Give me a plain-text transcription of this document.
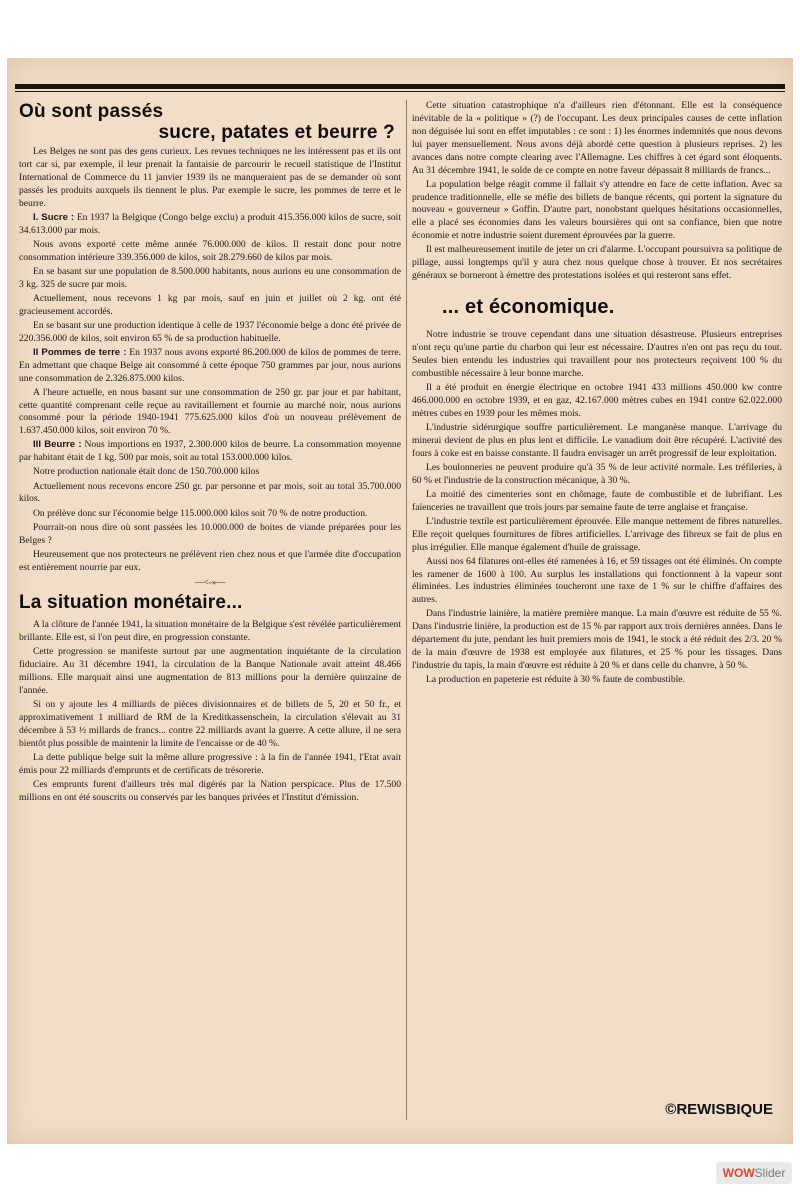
Où sont passés
sucre, patates et beurre ?

Les Belges ne sont pas des gens curieux. Les revues techniques ne les intéressent pas et ils ont tort car si, par exemple, il leur prenait la fantaisie de parcourir le recueil statistique de l'Institut International de Commerce du 11 janvier 1939 ils ne manqueraient pas de se demander où sont passés les produits auxquels ils tiennent le plus. Par exemple le sucre, les pommes de terre et le beurre.

I. Sucre : En 1937 la Belgique (Congo belge exclu) a produit 415.356.000 kilos de sucre, soit 34.613.000 par mois.

Nous avons exporté cette même année 76.000.000 de kilos. Il restait donc pour notre consommation intérieure 339.356.000 de kilos, soit 28.279.660 de kilos par mois.

En se basant sur une population de 8.500.000 habitants, nous aurions eu une consommation de 3 kg. 325 de sucre par mois.

Actuellement, nous recevons 1 kg par mois, sauf en juin et juillet où 2 kg. ont été gracieusement accordés.

En se basant sur une production identique à celle de 1937 l'économie belge a donc été privée de 220.356.000 de kilos, soit environ 65 % de sa production habituelle.

II Pommes de terre : En 1937 nous avons exporté 86.200.000 de kilos de pommes de terre. En admettant que chaque Belge ait consommé à cette époque 750 grammes par jour, nous aurions une consommation de 2.326.875.000 kilos.

A l'heure actuelle, en nous basant sur une consommation de 250 gr. par jour et par habitant, cette quantité comprenant celle reçue au ravitaillement et fournie au marché noir, nous aurions consommé pour la période 1940-1941 775.625.000 kilos d'où un nouveau prélèvement de 1.637.450.000 kilos, soit environ 70 %.

III Beurre : Nous importions en 1937, 2.300.000 kilos de beurre. La consommation moyenne par habitant était de 1 kg. 500 par mois, soit au total 153.000.000 kilos.

Notre production nationale était donc de 150.700.000 kilos

Actuellement nous recevons encore 250 gr. par personne et par mois, soit au total 35.700.000 kilos.

On prélève donc sur l'économie belge 115.000.000 kilos soit 70 % de notre production.

Pourrait-on nous dire où sont passées les 10.000.000 de boites de viande préparées pour les Belges ?

Heureusement que nos protecteurs ne prélèvent rien chez nous et que l'armée dite d'occupation est entièrement nourrie par eux.

—<-»—
La situation monétaire...

A la clôture de l'année 1941, la situation monétaire de la Belgique s'est révélée particulièrement brillante. Elle est, si l'on peut dire, en progression constante.

Cette progression se manifeste surtout par une augmentation inquiétante de la circulation fiduciaire. Au 31 décembre 1941, la circulation de la Banque Nationale avait atteint 48.466 millions. Elle marquait ainsi une augmentation de 813 millions pour la dernière quinzaine de l'année.

Si on y ajoute les 4 milliards de pièces divisionnaires et de billets de 5, 20 et 50 fr., et approximativement 1 milliard de RM de la Kreditkassenschein, la circulation s'élevait au 31 décembre à 53 ½ millards de francs... contre 22 milliards avant la guerre. A cette allure, il ne sera bientôt plus possible de maintenir la limite de l'encaisse or de 40 %.

La dette publique belge suit la même allure progressive : à la fin de l'année 1941, l'Etat avait émis pour 22 milliards d'emprunts et de certificats de trésorerie.

Ces emprunts furent d'ailleurs très mal digérés par la Nation perspicace. Plus de 17.500 millions en ont été souscrits ou conservés par les banques privées et l'Institut d'émission.

Cette situation catastrophique n'a d'ailleurs rien d'étonnant. Elle est la conséquence inévitable de la « politique » (?) de l'occupant. Les deux principales causes de cette inflation non déguisée lui sont en effet imputables : ce sont : 1) les énormes indemnités que nous devons lui payer mensuellement. Nous avons déjà abordé cette question à plusieurs reprises. 2) les avances dans notre compte clearing avec l'Allemagne. Les chiffres à cet égard sont éloquents. Au 31 décembre 1941, le solde de ce compte en notre faveur dépassait 8 milliards de francs...

La population belge réagit comme il fallait s'y attendre en face de cette inflation. Avec sa prudence traditionnelle, elle se méfie des billets de banque récents, qui portent la signature du nouveau « gouverneur » Goffin. D'autre part, nonobstant quelques hésitations occasionnelles, elle a placé ses économies dans les valeurs boursières qui ont sa confiance, bien que notre économie et notre industrie soient durement éprouvées par la guerre.

Il est malheureusement inutile de jeter un cri d'alarme. L'occupant poursuivra sa politique de pillage, aussi longtemps qu'il y aura chez nous quelque chose à trouver. Et nos secrétaires généraux se borneront à émettre des protestations isolées et qui resteront sans effet.

... et économique.

Notre industrie se trouve cependant dans une situation désastreuse. Plusieurs entreprises n'ont reçu qu'une partie du charbon qui leur est nécessaire. D'autres n'en ont pas reçu du tout. Seules bien entendu les industries qui travaillent pour nos protecteurs reçoivent 100 % du combustible nécessaire à leur bonne marche.

Il a été produit en énergie électrique en octobre 1941 433 millions 450.000 kw contre 466.000.000 en octobre 1939, et en gaz, 42.167.000 mètres cubes en 1941 contre 62.022.000 mètres cubes en 1939 pour les mêmes mois.

L'industrie sidérurgique souffre particulièrement. Le manganèse manque. L'arrivage du minerai devient de plus en plus lent et difficile. Le vanadium doit être récupéré. L'activité des fours à coke est en baisse constante. Il faudra envisager un arrêt progressif de leur exploitation.

Les boulonneries ne peuvent produire qu'à 35 % de leur activité normale. Les tréfileries, à 60 % et l'industrie de la construction mécanique, à 30 %.

La moitié des cimenteries sont en chômage, faute de combustible et de lubrifiant. Les faïenceries ne travaillent que trois jours par semaine faute de terre anglaise et française.

L'industrie textile est particulièrement éprouvée. Elle manque nettement de fibres naturelles. Elle reçoit quelques fournitures de fibres artificielles. L'arrivage des fibreux se fait de plus en plus irrégulier. Elle manque également d'huile de graissage.

Aussi nos 64 filatures ont-elles été ramenées à 16, et 59 tissages ont été éliminés. On compte les ramener de 1600 à 100. Au surplus les installations qui fonctionnent à la vapeur sont éliminées. Les industries éliminées toucheront une taxe de 1 % sur le chiffre d'affaires des autres.

Dans l'industrie lainière, la matière première manque. La main d'œuvre est réduite de 55 %. Dans l'industrie linière, la production est de 15 % par rapport aux trois dernières années. Dans le département du jute, pendant les huit premiers mois de 1941, le stock a été réduit des 2/3. 20 % de la main d'œuvre de 1938 est employée aux filatures, et 25 % pour les tissages. Dans l'industrie du tapis, la main d'œuvre est réduite à 20 % et dans celle du chanvre, à 50 %.

La production en papeterie est réduite à 30 % faute de combustible.

©REWISBIQUE
WOWSlider
